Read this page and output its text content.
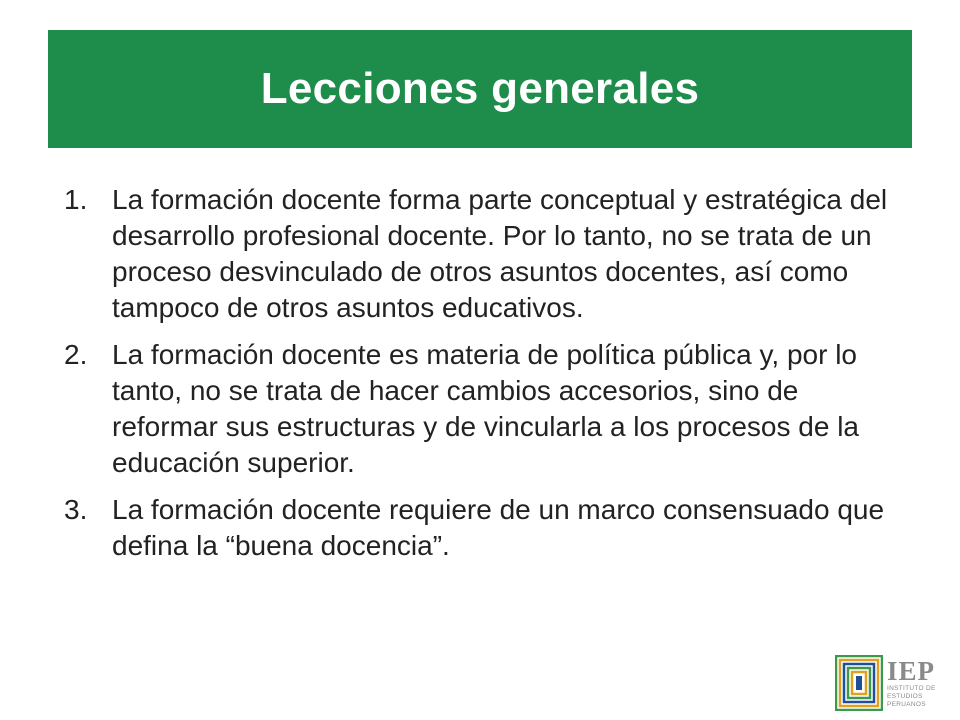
Lecciones generales
1. La formación docente forma parte conceptual y estratégica del desarrollo profesional docente. Por lo tanto, no se trata de un proceso desvinculado de otros asuntos docentes, así como tampoco de otros asuntos educativos.
2. La formación docente es materia de política pública y, por lo tanto, no se trata de hacer cambios accesorios, sino de reformar sus estructuras y de vincularla a los procesos de la educación superior.
3. La formación docente requiere de un marco consensuado que defina la “buena docencia”.
IEP
INSTITUTO DE
ESTUDIOS
PERUANOS
